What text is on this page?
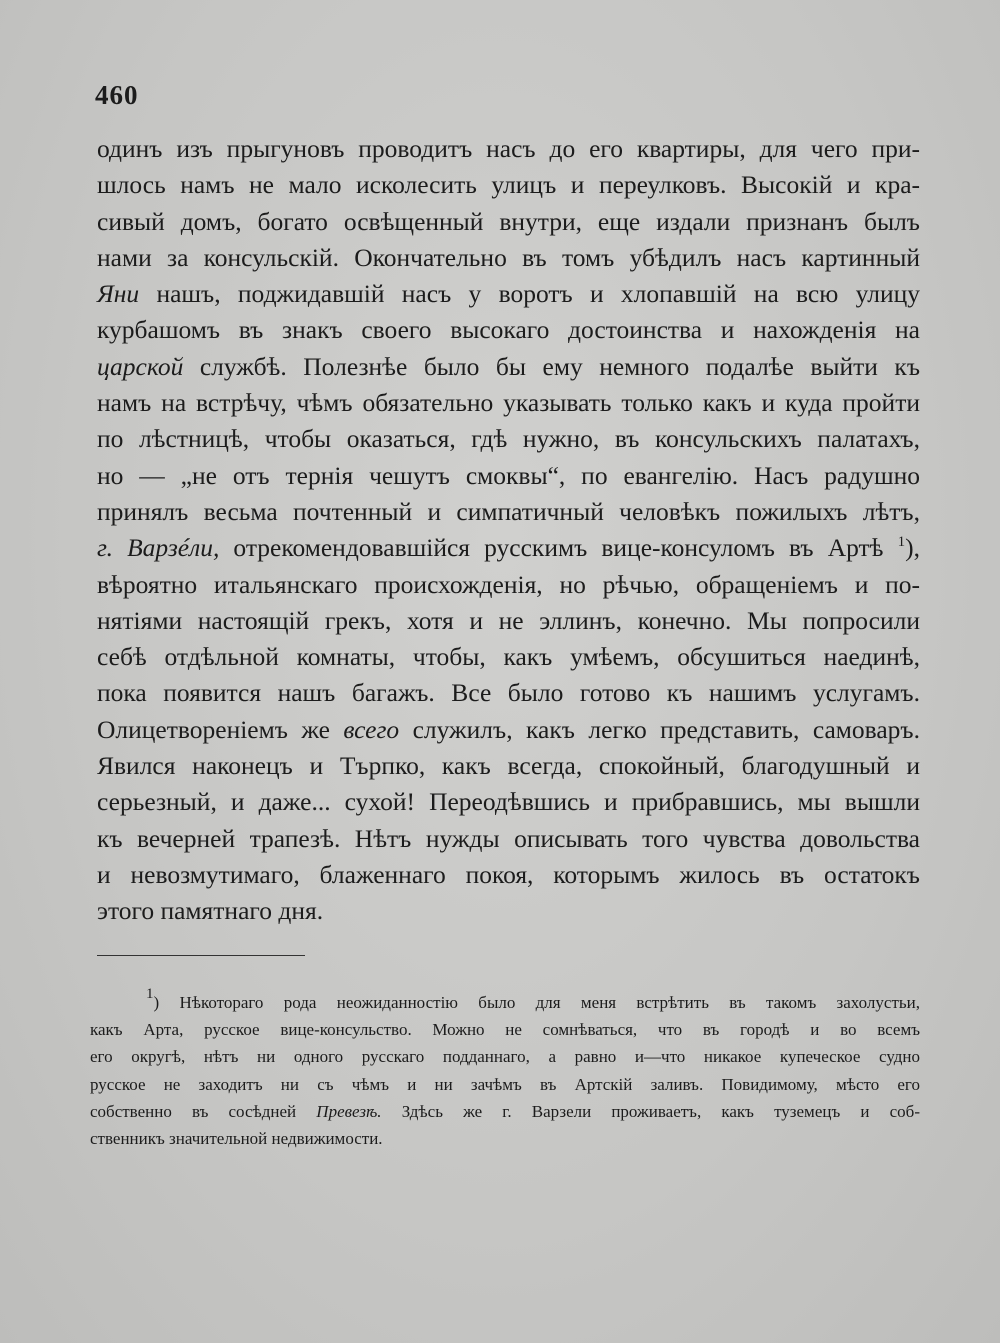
460
одинъ изъ прыгуновъ проводитъ насъ до его квартиры, для чего при-
шлось намъ не мало исколесить улицъ и переулковъ. Высокій и кра-
сивый домъ, богато освѣщенный внутри, еще издали признанъ былъ
нами за консульскій. Окончательно въ томъ убѣдилъ насъ картинный
Яни нашъ, поджидавшій насъ у воротъ и хлопавшій на всю улицу
курбашомъ въ знакъ своего высокаго достоинства и нахожденія на
царской службѣ. Полезнѣе было бы ему немного подалѣе выйти къ
намъ на встрѣчу, чѣмъ обязательно указывать только какъ и куда пройти
по лѣстницѣ, чтобы оказаться, гдѣ нужно, въ консульскихъ палатахъ,
но — „не отъ тернія чешутъ смоквы“, по евангелію. Насъ радушно
принялъ весьма почтенный и симпатичный человѣкъ пожилыхъ лѣтъ,
г. Варзéли, отрекомендовавшійся русскимъ вице-консуломъ въ Артѣ $^1$),
вѣроятно итальянскаго происхожденія, но рѣчью, обращеніемъ и по-
нятіями настоящій грекъ, хотя и не эллинъ, конечно. Мы попросили
себѣ отдѣльной комнаты, чтобы, какъ умѣемъ, обсушиться наединѣ,
пока появится нашъ багажъ. Все было готово къ нашимъ услугамъ.
Олицетвореніемъ же всего служилъ, какъ легко представить, самоваръ.
Явился наконецъ и Търпко, какъ всегда, спокойный, благодушный и
серьезный, и даже... сухой! Переодѣвшись и прибравшись, мы вышли
къ вечерней трапезѣ. Нѣтъ нужды описывать того чувства довольства
и невозмутимаго, блаженнаго покоя, которымъ жилось въ остатокъ
этого памятнаго дня.
1) Нѣкотораго рода неожиданностію было для меня встрѣтить въ такомъ захолустьи,
какъ Арта, русское вице-консульство. Можно не сомнѣваться, что въ городѣ и во всемъ
его округѣ, нѣтъ ни одного русскаго подданнаго, а равно и—что никакое купеческое судно
русское не заходитъ ни съ чѣмъ и ни зачѣмъ въ Артскій заливъ. Повидимому, мѣсто его
собственно въ сосѣдней Превезѣ. Здѣсь же г. Варзели проживаетъ, какъ туземецъ и соб-
ственникъ значительной недвижимости.
